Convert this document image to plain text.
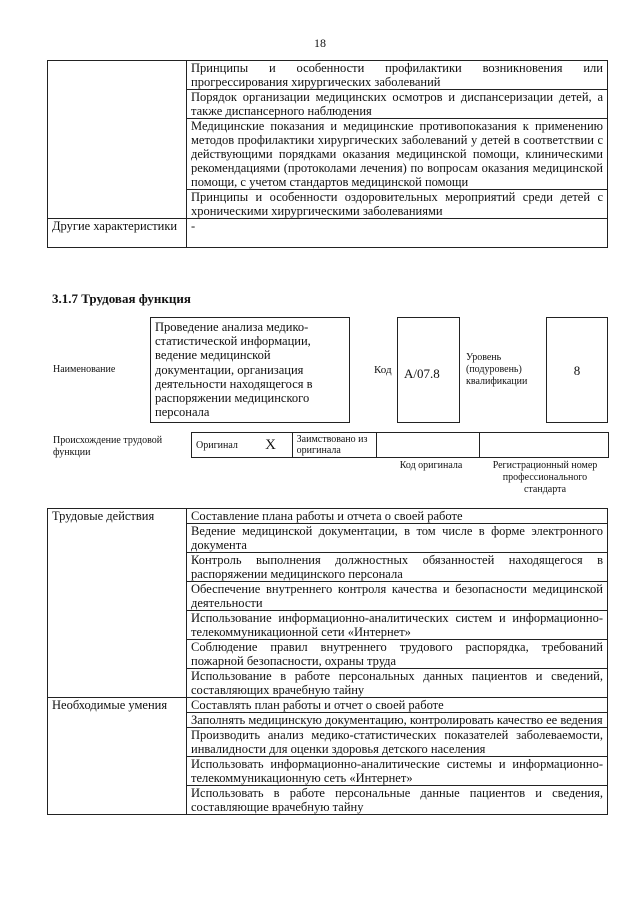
18
	Принципы и особенности профилактики возникновения или прогрессирования хирургических заболеваний
	Порядок организации медицинских осмотров и диспансеризации детей, а также диспансерного наблюдения
	Медицинские показания и медицинские противопоказания к применению методов профилактики хирургических заболеваний у детей в соответствии с действующими порядками оказания медицинской помощи, клиническими рекомендациями (протоколами лечения) по вопросам оказания медицинской помощи, с учетом стандартов медицинской помощи
	Принципы и особенности оздоровительных мероприятий среди детей с хроническими хирургическими заболеваниями
Другие характеристики	-
3.1.7 Трудовая функция
Наименование
Проведение анализа медико-статистической информации, ведение медицинской документации, организация деятельности находящегося в распоряжении медицинского персонала
Код А/07.8
Уровень (подуровень) квалификации
8
Происхождение трудовой функции
Оригинал	X	Заимствовано из оригинала		
Код оригинала	Регистрационный номер профессионального стандарта
Трудовые действия	Составление плана работы и отчета о своей работе
	Ведение медицинской документации, в том числе в форме электронного документа
	Контроль выполнения должностных обязанностей находящегося в распоряжении медицинского персонала
	Обеспечение внутреннего контроля качества и безопасности медицинской деятельности
	Использование информационно-аналитических систем и информационно-телекоммуникационной сети «Интернет»
	Соблюдение правил внутреннего трудового распорядка, требований пожарной безопасности, охраны труда
	Использование в работе персональных данных пациентов и сведений, составляющих врачебную тайну
Необходимые умения	Составлять план работы и отчет о своей работе
	Заполнять медицинскую документацию, контролировать качество ее ведения
	Производить анализ медико-статистических показателей заболеваемости, инвалидности для оценки здоровья детского населения
	Использовать информационно-аналитические системы и информационно-телекоммуникационную сеть «Интернет»
	Использовать в работе персональные данные пациентов и сведения, составляющие врачебную тайну
